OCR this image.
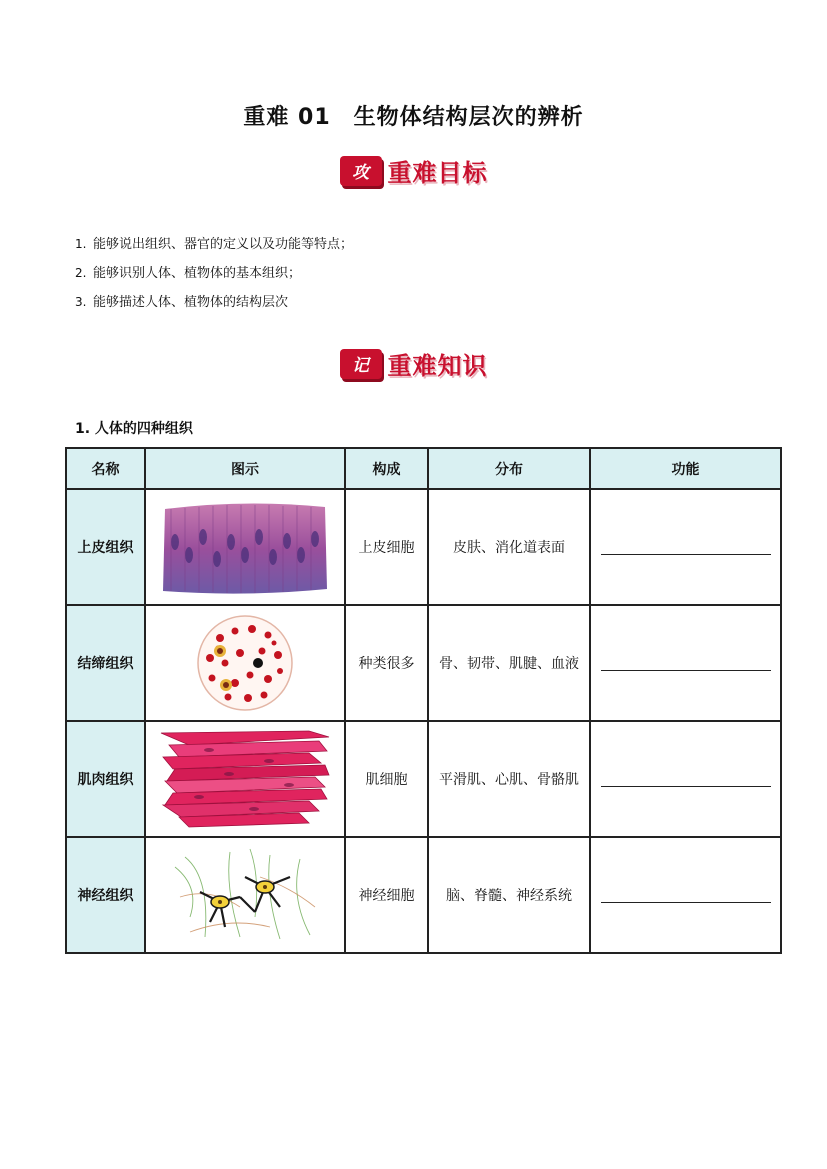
重难 01　生物体结构层次的辨析
攻 重难目标
1. 能够说出组织、器官的定义以及功能等特点；
2. 能够识别人体、植物体的基本组织；
3. 能够描述人体、植物体的结构层次
记 重难知识
1. 人体的四种组织
名称	图示	构成	分布	功能
上皮组织		上皮细胞	皮肤、消化道表面	

结缔组织		种类很多	骨、韧带、肌腱、血液	

肌肉组织		肌细胞	平滑肌、心肌、骨骼肌	

神经组织		神经细胞	脑、脊髓、神经系统	
